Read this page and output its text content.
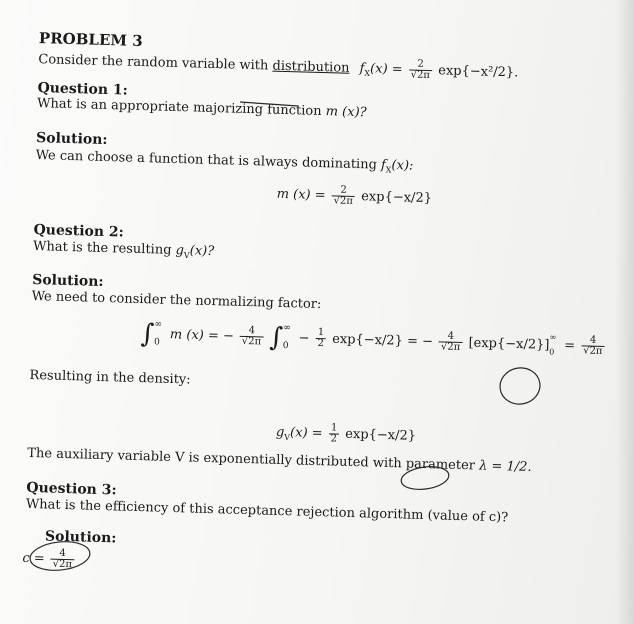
PROBLEM 3
Consider the random variable with distribution $f_X(x) = \frac{2}{√2\pi} \exp\{-x^2/2\}$.
Question 1:
What is an appropriate majorizing function m (x)?
Solution:
We can choose a function that is always dominating $f_X(x)$:
m $(x) = \frac{2}{√2\pi} \exp\{-x/2\}$
Question 2:
What is the resulting $g_V(x)$?
Solution:
We need to consider the normalizing factor:
∫ ∞
0 m (x) = − $\frac{4}{√2\pi}$ ∫ ∞
$0 - \frac{1}{2} \exp\{-x/2\}$ = − $\frac{4}{√2\pi} [\exp\{-x/2\}]$ ∞
$0 = \frac{4}{√2\pi}$
Resulting in the density:
$g_V(x) = \frac{1}{2} \exp\{-x/2\}$
The auxiliary variable V is exponentially distributed with parameter λ = 1/2.
Question 3:
What is the efficiency of this acceptance rejection algorithm (value of c)?
Solution:
$c = \frac{4}{√2\pi}$
